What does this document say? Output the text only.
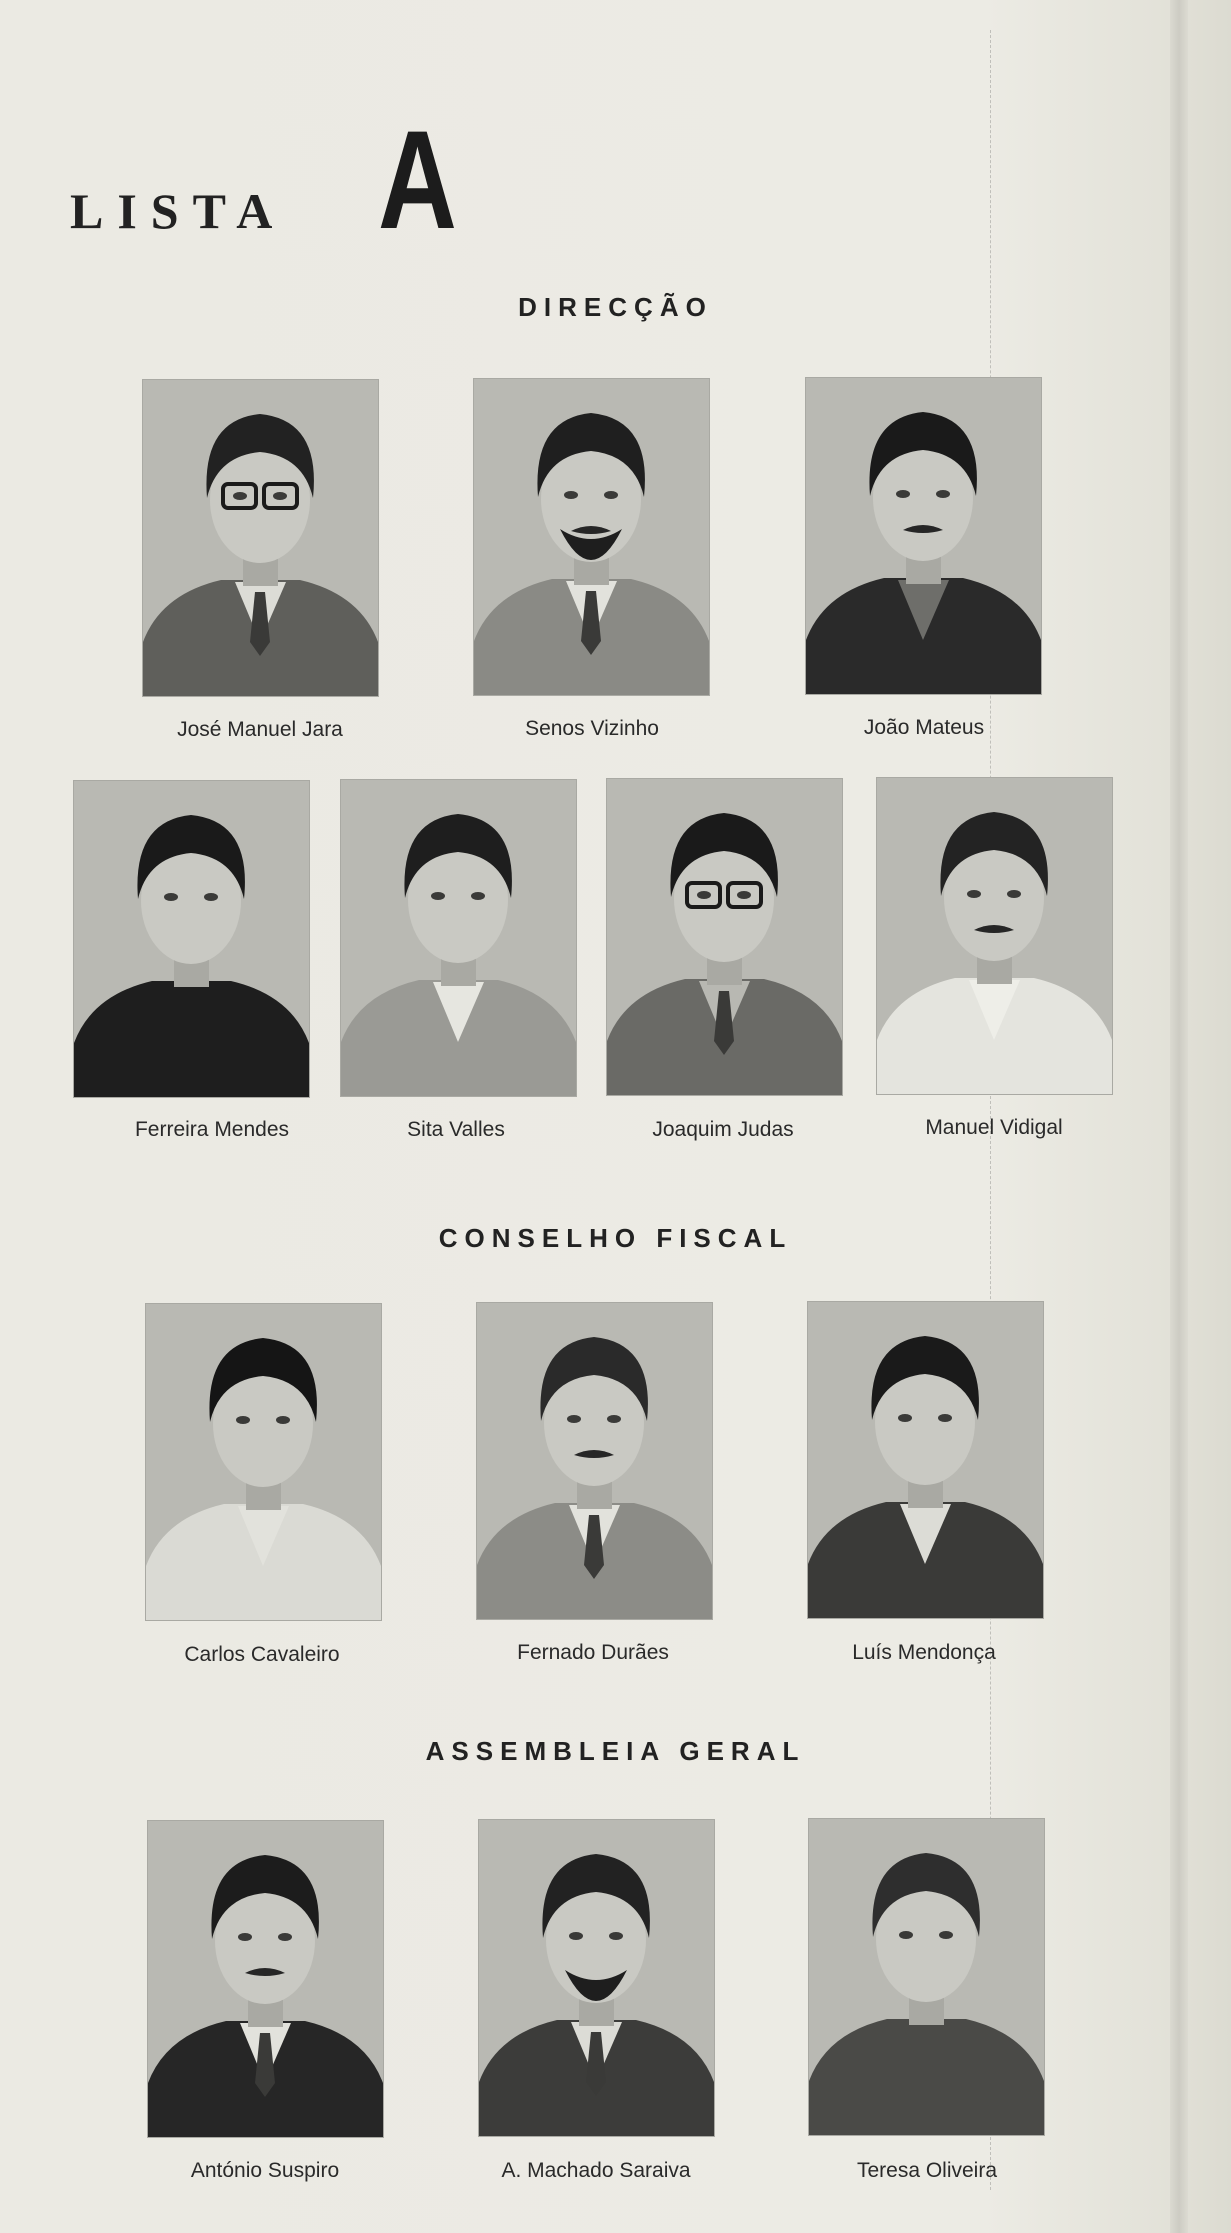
LISTA A
DIRECÇÃO
José Manuel Jara	Senos Vizinho	João Mateus
Ferreira Mendes	Sita Valles	Joaquim Judas	Manuel Vidigal
CONSELHO FISCAL
Carlos Cavaleiro	Fernado Durães	Luís Mendonça
ASSEMBLEIA GERAL
António Suspiro	A. Machado Saraiva	Teresa Oliveira
